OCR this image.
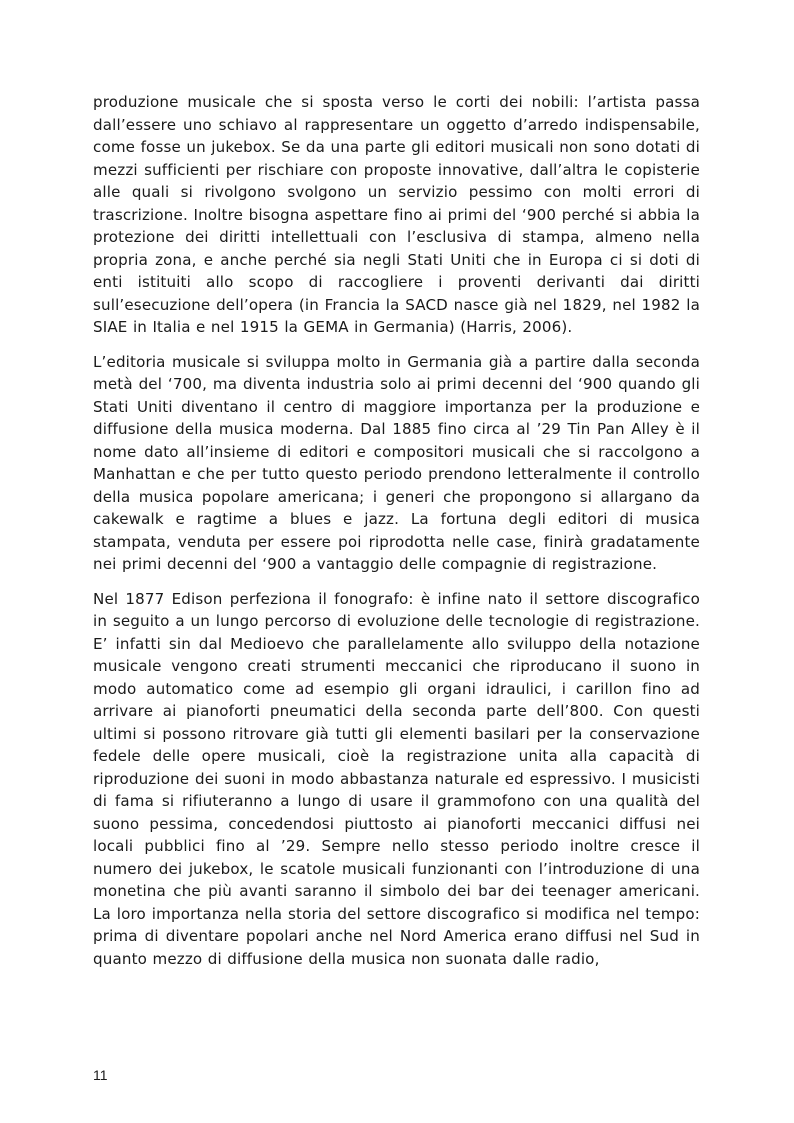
produzione musicale che si sposta verso le corti dei nobili: l’artista passa dall’essere uno schiavo al rappresentare un oggetto d’arredo indispensabile, come fosse un jukebox. Se da una parte gli editori musicali non sono dotati di mezzi sufficienti per rischiare con proposte innovative, dall’altra le copisterie alle quali si rivolgono svolgono un servizio pessimo con molti errori di trascrizione. Inoltre bisogna aspettare fino ai primi del ‘900 perché si abbia la protezione dei diritti intellettuali con l’esclusiva di stampa, almeno nella propria zona, e anche perché sia negli Stati Uniti che in Europa ci si doti di enti istituiti allo scopo di raccogliere i proventi derivanti dai diritti sull’esecuzione dell’opera (in Francia la SACD nasce già nel 1829, nel 1982 la SIAE in Italia e nel 1915 la GEMA in Germania) (Harris, 2006).

L’editoria musicale si sviluppa molto in Germania già a partire dalla seconda metà del ‘700, ma diventa industria solo ai primi decenni del ‘900 quando gli Stati Uniti diventano il centro di maggiore importanza per la produzione e diffusione della musica moderna. Dal 1885 fino circa al ’29 Tin Pan Alley è il nome dato all’insieme di editori e compositori musicali che si raccolgono a Manhattan e che per tutto questo periodo prendono letteralmente il controllo della musica popolare americana; i generi che propongono si allargano da cakewalk e ragtime a blues e jazz. La fortuna degli editori di musica stampata, venduta per essere poi riprodotta nelle case, finirà gradatamente nei primi decenni del ‘900 a vantaggio delle compagnie di registrazione.

Nel 1877 Edison perfeziona il fonografo: è infine nato il settore discografico in seguito a un lungo percorso di evoluzione delle tecnologie di registrazione. E’ infatti sin dal Medioevo che parallelamente allo sviluppo della notazione musicale vengono creati strumenti meccanici che riproducano il suono in modo automatico come ad esempio gli organi idraulici, i carillon fino ad arrivare ai pianoforti pneumatici della seconda parte dell’800. Con questi ultimi si possono ritrovare già tutti gli elementi basilari per la conservazione fedele delle opere musicali, cioè la registrazione unita alla capacità di riproduzione dei suoni in modo abbastanza naturale ed espressivo. I musicisti di fama si rifiuteranno a lungo di usare il grammofono con una qualità del suono pessima, concedendosi piuttosto ai pianoforti meccanici diffusi nei locali pubblici fino al ’29. Sempre nello stesso periodo inoltre cresce il numero dei jukebox, le scatole musicali funzionanti con l’introduzione di una monetina che più avanti saranno il simbolo dei bar dei teenager americani. La loro importanza nella storia del settore discografico si modifica nel tempo: prima di diventare popolari anche nel Nord America erano diffusi nel Sud in quanto mezzo di diffusione della musica non suonata dalle radio,

11
